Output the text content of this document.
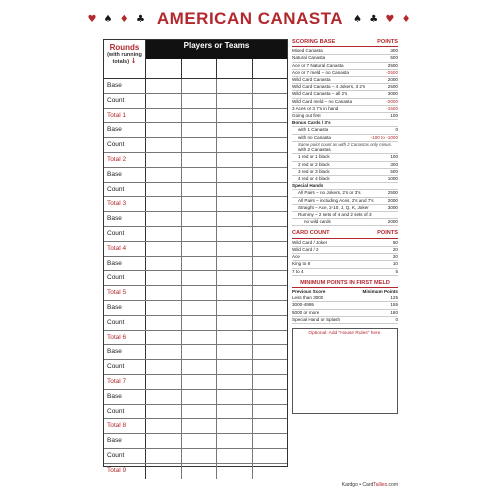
♥ ♠ ♦ ♣ AMERICAN CANASTA ♠ ♣ ♥ ♦
Rounds
(with running
totals) ↓
Players or Teams
Base
Count
Total 1
Base
Count
Total 2
Base
Count
Total 3
Base
Count
Total 4
Base
Count
Total 5
Base
Count
Total 6
Base
Count
Total 7
Base
Count
Total 8
Base
Count
Total 9
SCORING BASE	POINTS
Mixed Canasta	300
Natural Canasta	500
Ace or 7 Natural Canasta	2500
Ace or 7 meld – no Canasta	-2500
Wild Card Canasta	2000
Wild Card Canasta – 4 Jokers, 3 2's	2500
Wild Card Canasta – all 2's	3000
Wild Card meld – no Canasta	-2000
3 Aces or 3 7's in hand	-1500
Going out first	100
Bonus Cards / 3's
with 1 Canasta	0
with no Canasta	-100 to -1000
Same point count as with 2 Canastas only minus.
with 2 Canastas
1 red or 1 black	100
2 red or 2 black	300
3 red or 3 black	500
4 red or 4 black	1000
Special Hands
All Pairs – no Jokers, 2's or 3's	2500
All Pairs – including Aces, 2's and 7's	2000
Straight – Ace, 2-10, J, Q, K, Joker	3000
Rummy – 2 sets of 4 and 2 sets of 3
no wild cards	2000
CARD COUNT	POINTS
Wild Card / Joker	50
Wild Card / 2	20
Ace	20
King to 8	10
7 to 4	5
MINIMUM POINTS IN FIRST MELD
Previous Score	Minimum Points
Less than 3000	125
3000-4995	155
5000 or more	180
Special Hand or Splash	0
Optional: Add "House Rules" here.
Kardgo • CardTallies.com
